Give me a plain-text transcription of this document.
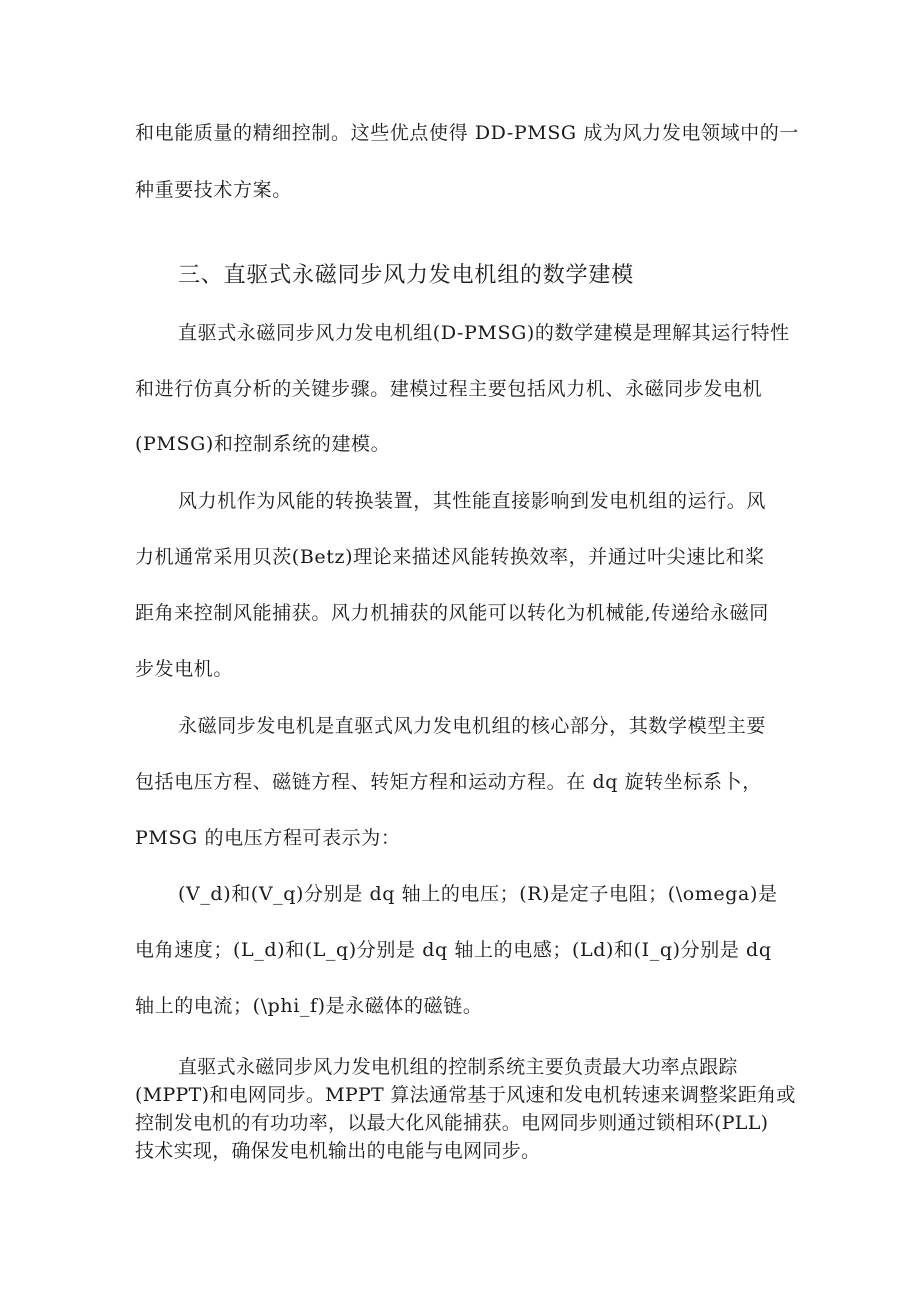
和电能质量的精细控制。这些优点使得 DD-PMSG 成为风力发电领域中的一
种重要技术方案。
三、直驱式永磁同步风力发电机组的数学建模
直驱式永磁同步风力发电机组(D-PMSG)的数学建模是理解其运行特性
和进行仿真分析的关键步骤。建模过程主要包括风力机、永磁同步发电机
(PMSG)和控制系统的建模。
风力机作为风能的转换装置，其性能直接影响到发电机组的运行。风
力机通常采用贝茨(Betz)理论来描述风能转换效率，并通过叶尖速比和桨
距角来控制风能捕获。风力机捕获的风能可以转化为机械能,传递给永磁同
步发电机。
永磁同步发电机是直驱式风力发电机组的核心部分，其数学模型主要
包括电压方程、磁链方程、转矩方程和运动方程。在 dq 旋转坐标系卜，
PMSG 的电压方程可表示为：
(V_d)和(V_q)分别是 dq 轴上的电压；(R)是定子电阻；(\omega)是
电角速度；(L_d)和(L_q)分别是 dq 轴上的电感；(Ld)和(I_q)分别是 dq
轴上的电流；(\phi_f)是永磁体的磁链。
直驱式永磁同步风力发电机组的控制系统主要负责最大功率点跟踪
(MPPT)和电网同步。MPPT 算法通常基于风速和发电机转速来调整桨距角或
控制发电机的有功功率，以最大化风能捕获。电网同步则通过锁相环(PLL)
技术实现，确保发电机输出的电能与电网同步。
